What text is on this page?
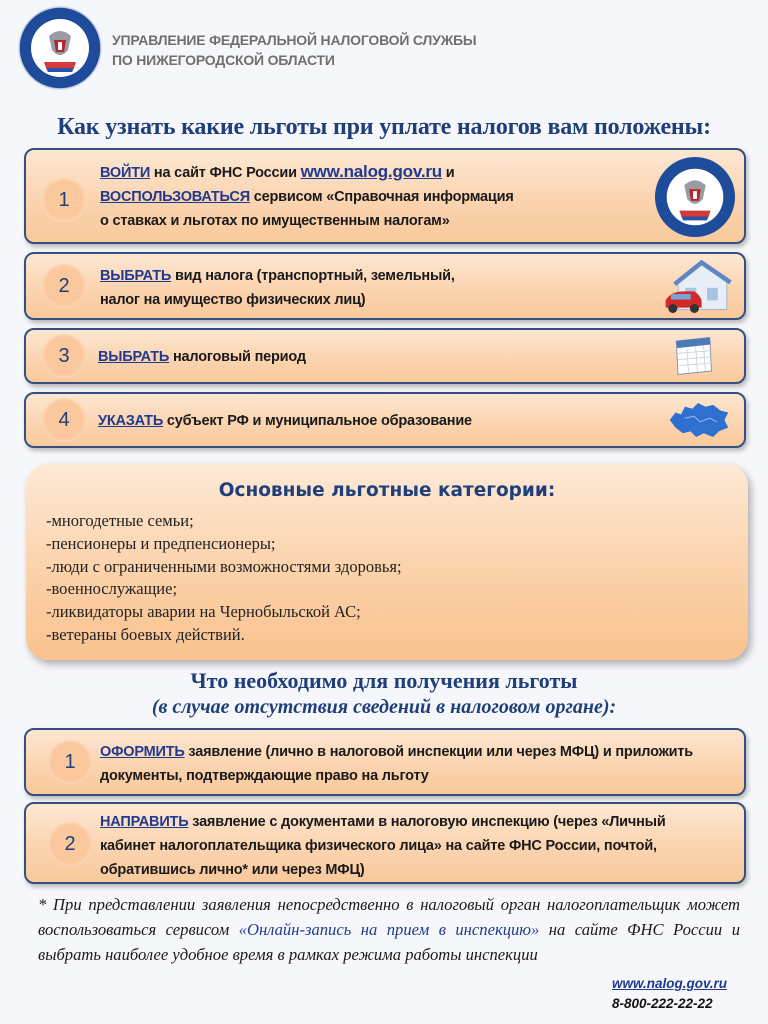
УПРАВЛЕНИЕ ФЕДЕРАЛЬНОЙ НАЛОГОВОЙ СЛУЖБЫ
ПО НИЖЕГОРОДСКОЙ ОБЛАСТИ
Как узнать какие льготы при уплате налогов вам положены:
1
ВОЙТИ на сайт ФНС России www.nalog.gov.ru и
ВОСПОЛЬЗОВАТЬСЯ сервисом «Справочная информация
о ставках и льготах по имущественным налогам»
2	ВЫБРАТЬ вид налога (транспортный, земельный,
налог на имущество физических лиц)
3	ВЫБРАТЬ налоговый период
4	УКАЗАТЬ субъект РФ и муниципальное образование
Основные льготные категории:
-многодетные семьи;
-пенсионеры и предпенсионеры;
-люди с ограниченными возможностями здоровья;
-военнослужащие;
-ликвидаторы аварии на Чернобыльской АС;
-ветераны боевых действий.
Что необходимо для получения льготы
(в случае отсутствия сведений в налоговом органе):
1	ОФОРМИТЬ заявление (лично в налоговой инспекции или через МФЦ) и приложить
документы, подтверждающие право на льготу
2
НАПРАВИТЬ заявление с документами в налоговую инспекцию (через «Личный
кабинет налогоплательщика физического лица» на сайте ФНС России, почтой,
обратившись лично* или через МФЦ)
* При представлении заявления непосредственно в налоговый орган налогоплательщик может воспользоваться сервисом «Онлайн-запись на прием в инспекцию» на сайте ФНС России и выбрать наиболее удобное время в рамках режима работы инспекции
www.nalog.gov.ru
8-800-222-22-22
